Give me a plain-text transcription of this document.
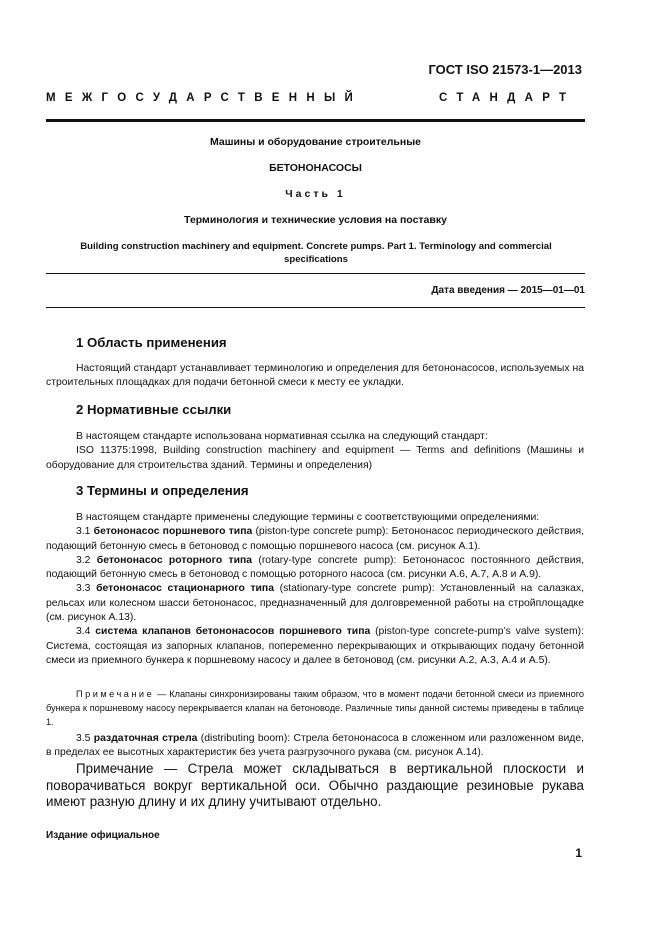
ГОСТ ISO 21573-1—2013
МЕЖГОСУДАРСТВЕННЫЙ	СТАНДАРТ
Машины и оборудование строительные
БЕТОНОНАСОСЫ
Часть 1
Терминология и технические условия на поставку
Building construction machinery and equipment. Concrete pumps. Part 1. Terminology and commercial specifications
Дата введения — 2015—01—01
1 Область применения

Настоящий стандарт устанавливает терминологию и определения для бетононасосов, используемых на строительных площадках для подачи бетонной смеси к месту ее укладки.

2 Нормативные ссылки

В настоящем стандарте использована нормативная ссылка на следующий стандарт:

ISO 11375:1998, Building construction machinery and equipment — Terms and definitions (Машины и оборудование для строительства зданий. Термины и определения)

3 Термины и определения

В настоящем стандарте применены следующие термины с соответствующими определениями:

3.1 бетононасос поршневого типа (piston-type concrete pump): Бетононасос периодического действия, подающий бетонную смесь в бетоновод с помощью поршневого насоса (см. рисунок А.1).

3.2 бетононасос роторного типа (rotary-type concrete pump): Бетононасос постоянного действия, подающий бетонную смесь в бетоновод с помощью роторного насоса (см. рисунки А.6, А.7, А.8 и А.9).

3.3 бетононасос стационарного типа (stationary-type concrete pump): Установленный на салазках, рельсах или колесном шасси бетононасос, предназначенный для долговременной работы на стройплощадке (см. рисунок А.13).

3.4 система клапанов бетононасосов поршневого типа (piston-type concrete-pump’s valve system): Система, состоящая из запорных клапанов, попеременно перекрывающих и открывающих подачу бетонной смеси из приемного бункера к поршневому насосу и далее в бетоновод (см. рисунки А.2, А.3, А.4 и А.5).

Примечание — Клапаны синхронизированы таким образом, что в момент подачи бетонной смеси из приемного бункера к поршневому насосу перекрывается клапан на бетоноводе. Различные типы данной системы приведены в таблице 1.

3.5 раздаточная стрела (distributing boom): Стрела бетононасоса в сложенном или разложенном виде, в пределах ее высотных характеристик без учета разгрузочного рукава (см. рисунок А.14).

Примечание — Стрела может складываться в вертикальной плоскости и поворачиваться вокруг вертикальной оси. Обычно раздающие резиновые рукава имеют разную длину и их длину учитывают отдельно.

Издание официальное
1
